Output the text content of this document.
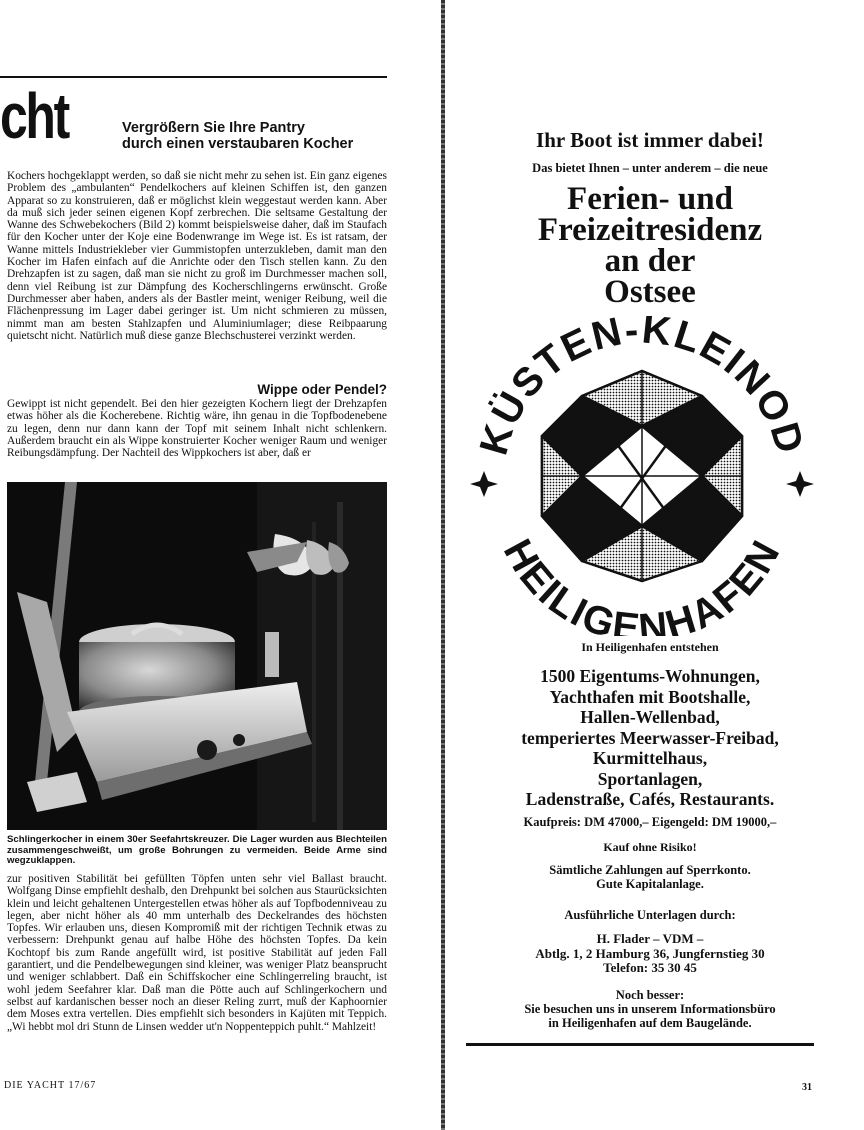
cht	Vergrößern Sie Ihre Pantry
durch einen verstaubaren Kocher

Kochers hochgeklappt werden, so daß sie nicht mehr zu sehen ist. Ein ganz eigenes Problem des „ambulanten“ Pendelkochers auf kleinen Schiffen ist, den ganzen Apparat so zu konstruieren, daß er möglichst klein weggestaut werden kann. Aber da muß sich jeder seinen eigenen Kopf zerbrechen. Die seltsame Gestaltung der Wanne des Schwebekochers (Bild 2) kommt beispielsweise daher, daß im Staufach für den Kocher unter der Koje eine Bodenwrange im Wege ist. Es ist ratsam, der Wanne mittels Industriekleber vier Gummistopfen unterzukleben, damit man den Kocher im Hafen einfach auf die Anrichte oder den Tisch stellen kann. Zu den Drehzapfen ist zu sagen, daß man sie nicht zu groß im Durchmesser machen soll, denn viel Reibung ist zur Dämpfung des Kocherschlingerns erwünscht. Große Durchmesser aber haben, anders als der Bastler meint, weniger Reibung, weil die Flächenpressung im Lager dabei geringer ist. Um nicht schmieren zu müssen, nimmt man am besten Stahlzapfen und Aluminiumlager; diese Reibpaarung quietscht nicht. Natürlich muß diese ganze Blechschusterei verzinkt werden.

Wippe oder Pendel?

Gewippt ist nicht gependelt. Bei den hier gezeigten Kochern liegt der Drehzapfen etwas höher als die Kocherebene. Richtig wäre, ihn genau in die Topfbodenebene zu legen, denn nur dann kann der Topf mit seinem Inhalt nicht schlenkern. Außerdem braucht ein als Wippe konstruierter Kocher weniger Raum und weniger Reibungsdämpfung. Der Nachteil des Wippkochers ist aber, daß er

Schlingerkocher in einem 30er Seefahrtskreuzer. Die Lager wurden aus Blechteilen zusammengeschweißt, um große Bohrungen zu vermeiden. Beide Arme sind wegzuklappen.

zur positiven Stabilität bei gefüllten Töpfen unten sehr viel Ballast braucht. Wolfgang Dinse empfiehlt deshalb, den Drehpunkt bei solchen aus Staurücksichten klein und leicht gehaltenen Untergestellen etwas höher als auf Topfbodenniveau zu legen, aber nicht höher als 40 mm unterhalb des Deckelrandes des höchsten Topfes. Wir erlauben uns, diesen Kompromiß mit der richtigen Technik etwas zu verbessern: Drehpunkt genau auf halbe Höhe des höchsten Topfes. Da kein Kochtopf bis zum Rande angefüllt wird, ist positive Stabilität auf jeden Fall garantiert, und die Pendelbewegungen sind kleiner, was weniger Platz beansprucht und weniger schlabbert. Daß ein Schiffskocher eine Schlingerreling braucht, ist wohl jedem Seefahrer klar. Daß man die Pötte auch auf Schlingerkochern und selbst auf kardanischen besser noch an dieser Reling zurrt, muß der Kaphoornier dem Moses extra vertellen. Dies empfiehlt sich besonders in Kajüten mit Teppich. „Wi hebbt mol dri Stunn de Linsen wedder ut'n Noppenteppich puhlt.“ Mahlzeit!

DIE YACHT 17/67
Ihr Boot ist immer dabei!
Das bietet Ihnen – unter anderem – die neue
Ferien- und
Freizeitresidenz
an der
Ostsee
KÜSTEN-KLEINOD
HEILIGENHAFEN
In Heiligenhafen entstehen
1500 Eigentums-Wohnungen,
Yachthafen mit Bootshalle,
Hallen-Wellenbad,
temperiertes Meerwasser-Freibad,
Kurmittelhaus,
Sportanlagen,
Ladenstraße, Cafés, Restaurants.
Kaufpreis: DM 47000,– Eigengeld: DM 19000,–
Kauf ohne Risiko!
Sämtliche Zahlungen auf Sperrkonto.
Gute Kapitalanlage.
Ausführliche Unterlagen durch:
H. Flader – VDM –
Abtlg. 1, 2 Hamburg 36, Jungfernstieg 30
Telefon: 35 30 45
Noch besser:
Sie besuchen uns in unserem Informationsbüro
in Heiligenhafen auf dem Baugelände.
31
